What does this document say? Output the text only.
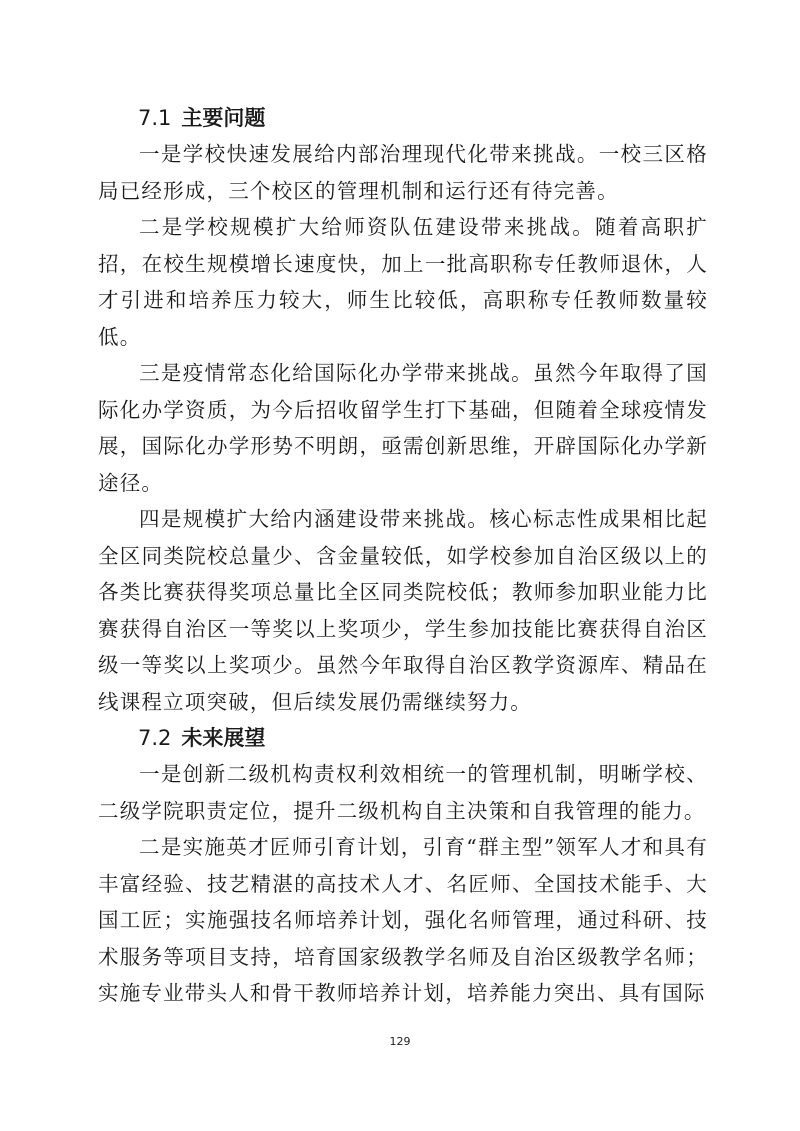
7.1 主要问题

一是学校快速发展给内部治理现代化带来挑战。一校三区格局已经形成，三个校区的管理机制和运行还有待完善。

二是学校规模扩大给师资队伍建设带来挑战。随着高职扩招，在校生规模增长速度快，加上一批高职称专任教师退休，人才引进和培养压力较大，师生比较低，高职称专任教师数量较低。

三是疫情常态化给国际化办学带来挑战。虽然今年取得了国际化办学资质，为今后招收留学生打下基础，但随着全球疫情发展，国际化办学形势不明朗，亟需创新思维，开辟国际化办学新途径。

四是规模扩大给内涵建设带来挑战。核心标志性成果相比起全区同类院校总量少、含金量较低，如学校参加自治区级以上的各类比赛获得奖项总量比全区同类院校低；教师参加职业能力比赛获得自治区一等奖以上奖项少，学生参加技能比赛获得自治区级一等奖以上奖项少。虽然今年取得自治区教学资源库、精品在线课程立项突破，但后续发展仍需继续努力。

7.2 未来展望

一是创新二级机构责权利效相统一的管理机制，明晰学校、二级学院职责定位，提升二级机构自主决策和自我管理的能力。

二是实施英才匠师引育计划，引育“群主型”领军人才和具有丰富经验、技艺精湛的高技术人才、名匠师、全国技术能手、大国工匠；实施强技名师培养计划，强化名师管理，通过科研、技术服务等项目支持，培育国家级教学名师及自治区级教学名师；实施专业带头人和骨干教师培养计划，培养能力突出、具有国际

129
